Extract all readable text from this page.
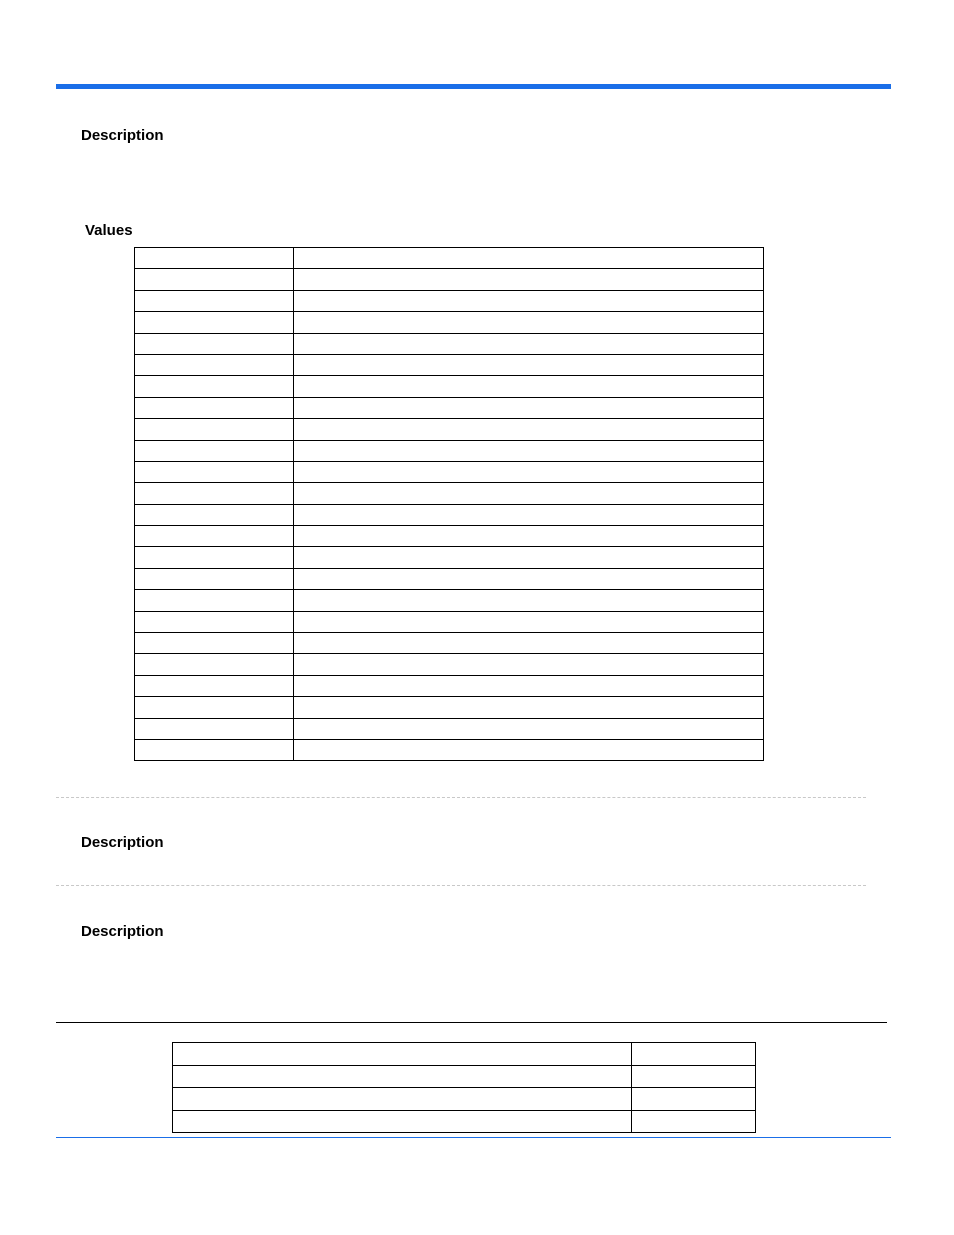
Description
Values

Description
Description
